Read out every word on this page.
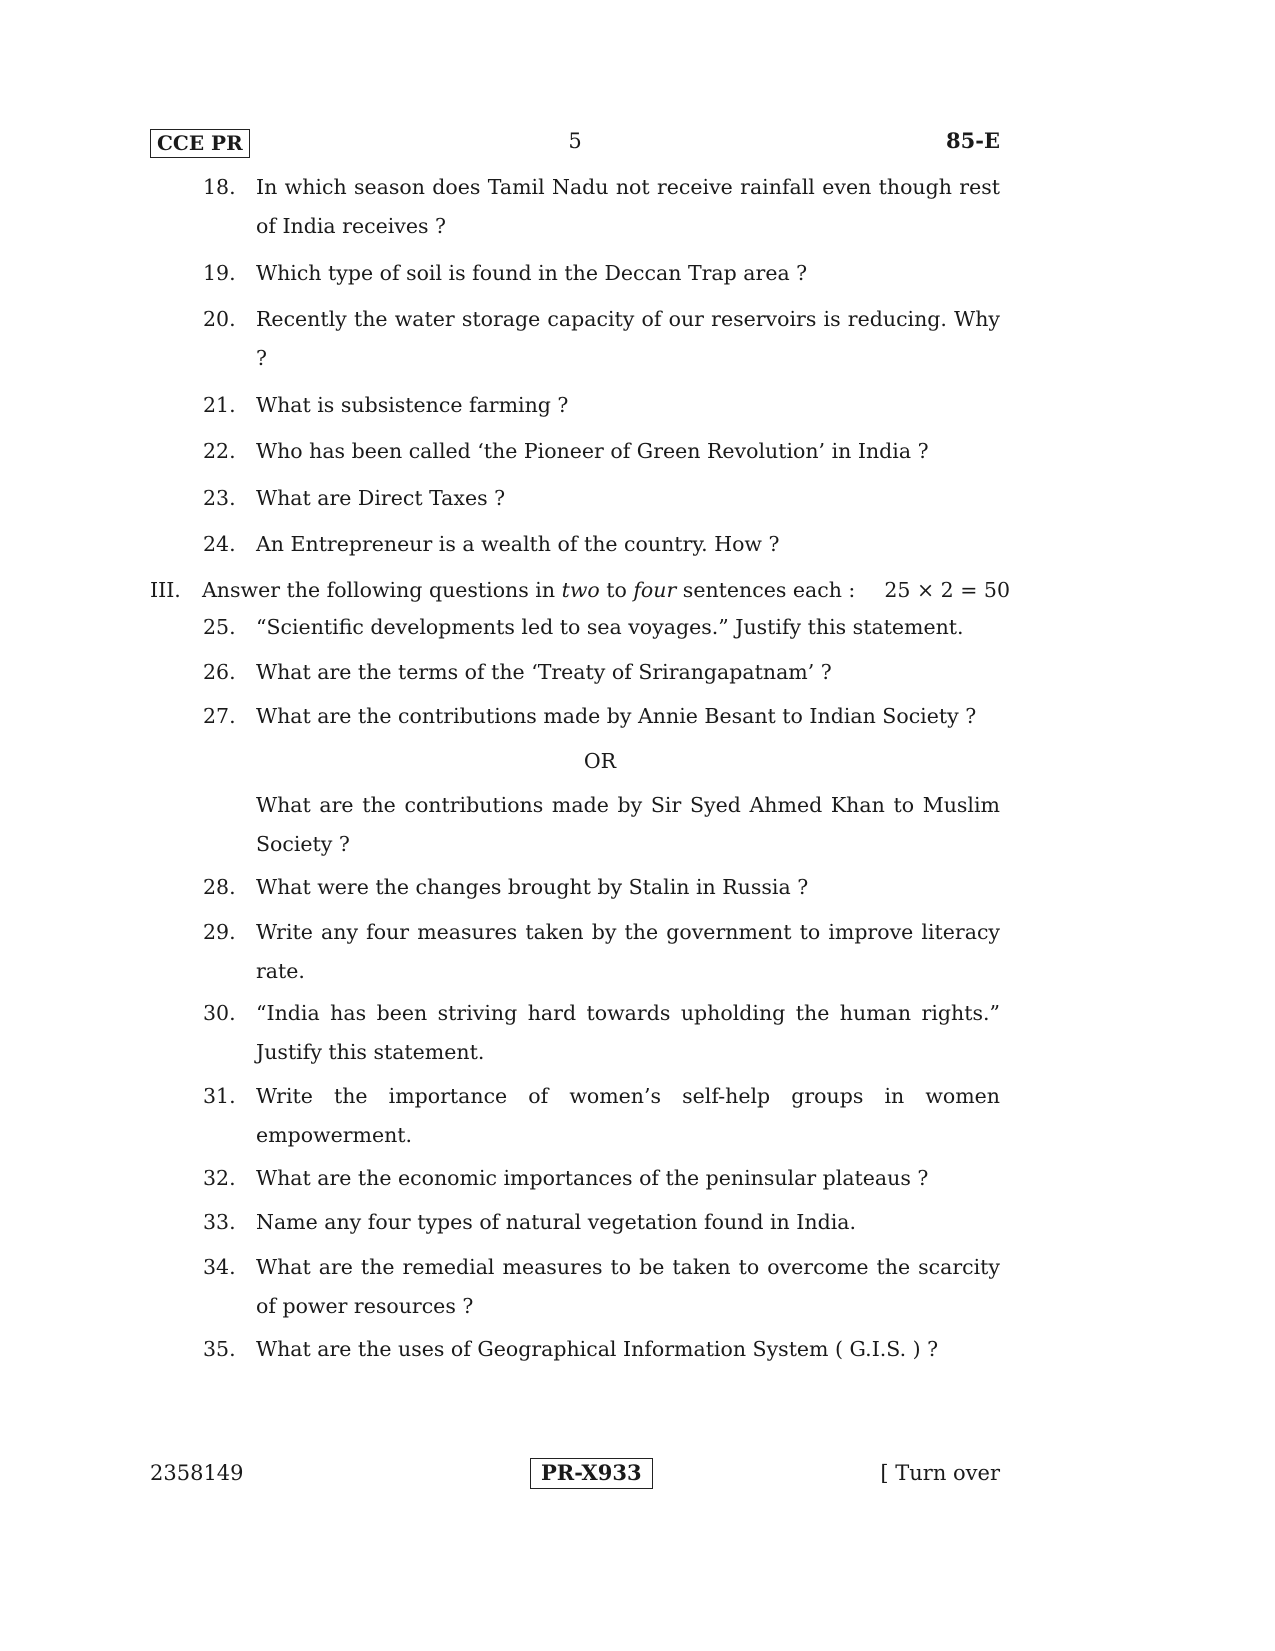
CCE PR	5	85-E
18. In which season does Tamil Nadu not receive rainfall even though rest of India receives ?
19. Which type of soil is found in the Deccan Trap area ?
20. Recently the water storage capacity of our reservoirs is reducing. Why ?
21. What is subsistence farming ?
22. Who has been called ‘the Pioneer of Green Revolution’ in India ?
23. What are Direct Taxes ?
24. An Entrepreneur is a wealth of the country. How ?
III. Answer the following questions in two to four sentences each : 25 × 2 = 50
25. “Scientific developments led to sea voyages.” Justify this statement.
26. What are the terms of the ‘Treaty of Srirangapatnam’ ?
27. What are the contributions made by Annie Besant to Indian Society ?
OR
What are the contributions made by Sir Syed Ahmed Khan to Muslim Society ?
28. What were the changes brought by Stalin in Russia ?
29. Write any four measures taken by the government to improve literacy rate.
30. “India has been striving hard towards upholding the human rights.” Justify this statement.
31. Write the importance of women’s self-help groups in women empowerment.
32. What are the economic importances of the peninsular plateaus ?
33. Name any four types of natural vegetation found in India.
34. What are the remedial measures to be taken to overcome the scarcity of power resources ?
35. What are the uses of Geographical Information System ( G.I.S. ) ?
2358149	PR-X933	[ Turn over
